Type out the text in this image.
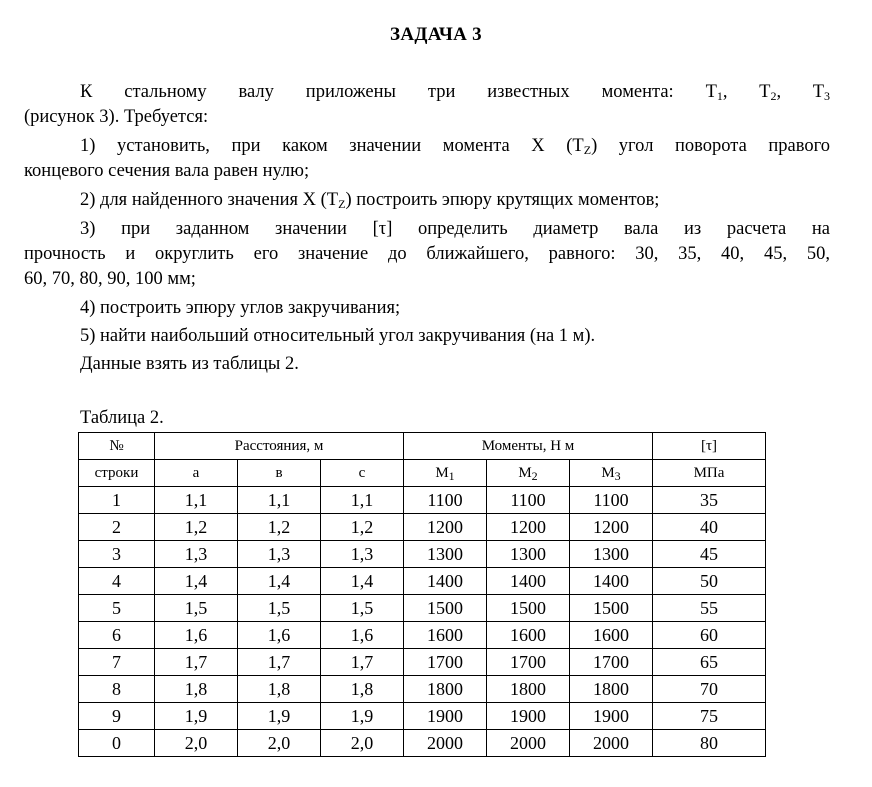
ЗАДАЧА 3
К стальному валу приложены три известных момента: $T_1$, $T_2$, $T_3$
(рисунок 3). Требуется:
1) установить, при каком значении момента X $(T_Z)$ угол поворота правого
концевого сечения вала равен нулю;
2) для найденного значения X $(T_Z)$ построить эпюру крутящих моментов;
3) при заданном значении [τ] определить диаметр вала из расчета на
прочность и округлить его значение до ближайшего, равного: 30, 35, 40, 45, 50,
60, 70, 80, 90, 100 мм;
4) построить эпюру углов закручивания;
5) найти наибольший относительный угол закручивания (на 1 м).
Данные взять из таблицы 2.
Таблица 2.
№	Расстояния, м			Моменты, Н м			[τ]
строки	а	в	с	$M_1$	$M_2$	$M_3$	МПа
1	1,1	1,1	1,1	1100	1100	1100	35
2	1,2	1,2	1,2	1200	1200	1200	40
3	1,3	1,3	1,3	1300	1300	1300	45
4	1,4	1,4	1,4	1400	1400	1400	50
5	1,5	1,5	1,5	1500	1500	1500	55
6	1,6	1,6	1,6	1600	1600	1600	60
7	1,7	1,7	1,7	1700	1700	1700	65
8	1,8	1,8	1,8	1800	1800	1800	70
9	1,9	1,9	1,9	1900	1900	1900	75
0	2,0	2,0	2,0	2000	2000	2000	80
